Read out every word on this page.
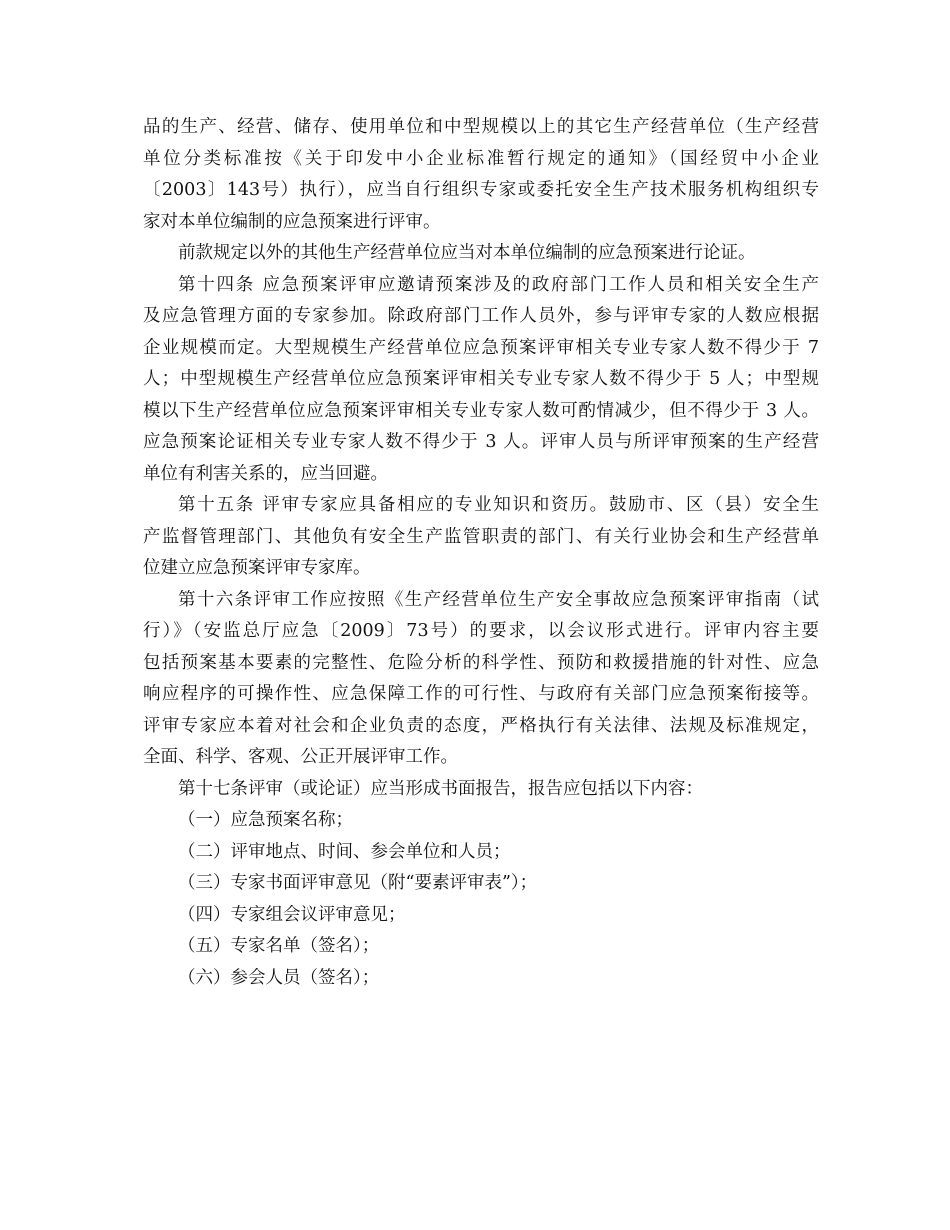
品的生产、经营、储存、使用单位和中型规模以上的其它生产经营单位（生产经营
单位分类标准按《关于印发中小企业标准暂行规定的通知》（国经贸中小企业
〔2003〕143号）执行），应当自行组织专家或委托安全生产技术服务机构组织专
家对本单位编制的应急预案进行评审。
前款规定以外的其他生产经营单位应当对本单位编制的应急预案进行论证。
第十四条 应急预案评审应邀请预案涉及的政府部门工作人员和相关安全生产
及应急管理方面的专家参加。除政府部门工作人员外，参与评审专家的人数应根据
企业规模而定。大型规模生产经营单位应急预案评审相关专业专家人数不得少于 7
人；中型规模生产经营单位应急预案评审相关专业专家人数不得少于 5 人；中型规
模以下生产经营单位应急预案评审相关专业专家人数可酌情减少，但不得少于 3 人。
应急预案论证相关专业专家人数不得少于 3 人。评审人员与所评审预案的生产经营
单位有利害关系的，应当回避。
第十五条 评审专家应具备相应的专业知识和资历。鼓励市、区（县）安全生
产监督管理部门、其他负有安全生产监管职责的部门、有关行业协会和生产经营单
位建立应急预案评审专家库。
第十六条评审工作应按照《生产经营单位生产安全事故应急预案评审指南（试
行）》（安监总厅应急〔2009〕73号）的要求，以会议形式进行。评审内容主要
包括预案基本要素的完整性、危险分析的科学性、预防和救援措施的针对性、应急
响应程序的可操作性、应急保障工作的可行性、与政府有关部门应急预案衔接等。
评审专家应本着对社会和企业负责的态度，严格执行有关法律、法规及标准规定，
全面、科学、客观、公正开展评审工作。
第十七条评审（或论证）应当形成书面报告，报告应包括以下内容：
（一）应急预案名称；
（二）评审地点、时间、参会单位和人员；
（三）专家书面评审意见（附“要素评审表”）；
（四）专家组会议评审意见；
（五）专家名单（签名）；
（六）参会人员（签名）；
